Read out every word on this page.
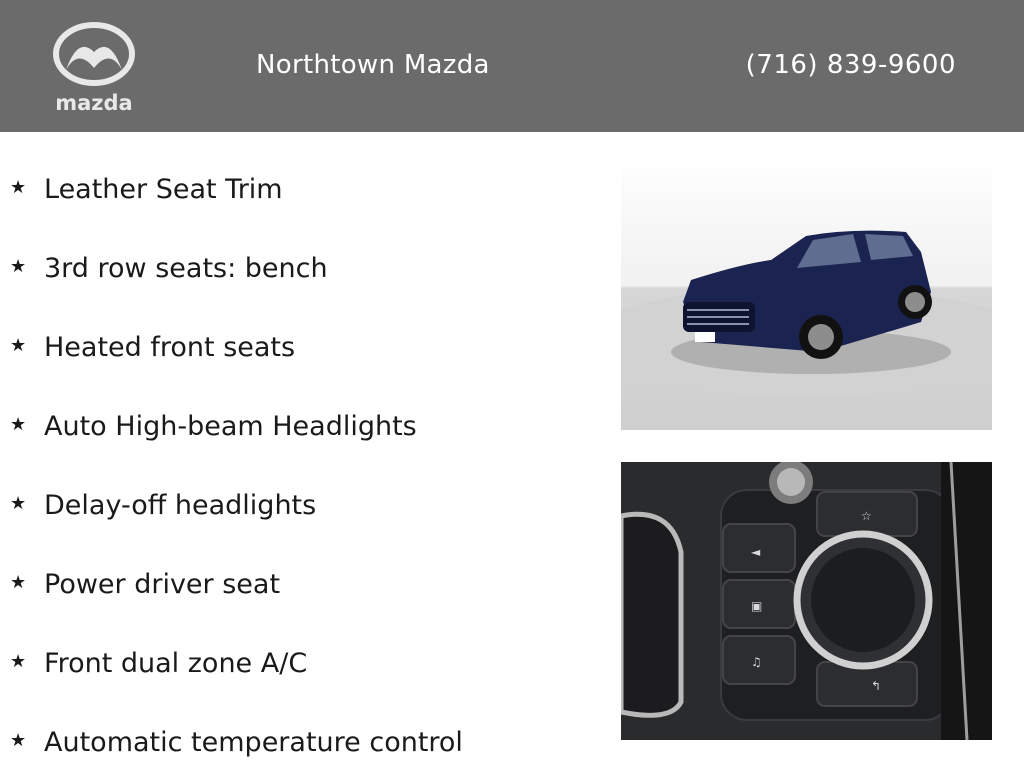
mazda
Northtown Mazda	(716) 839-9600
★ Leather Seat Trim
★ 3rd row seats: bench
★ Heated front seats
★ Auto High-beam Headlights
★ Delay-off headlights
★ Power driver seat
★ Front dual zone A/C
★ Automatic temperature control
◄
▣
♫
☆
↰
